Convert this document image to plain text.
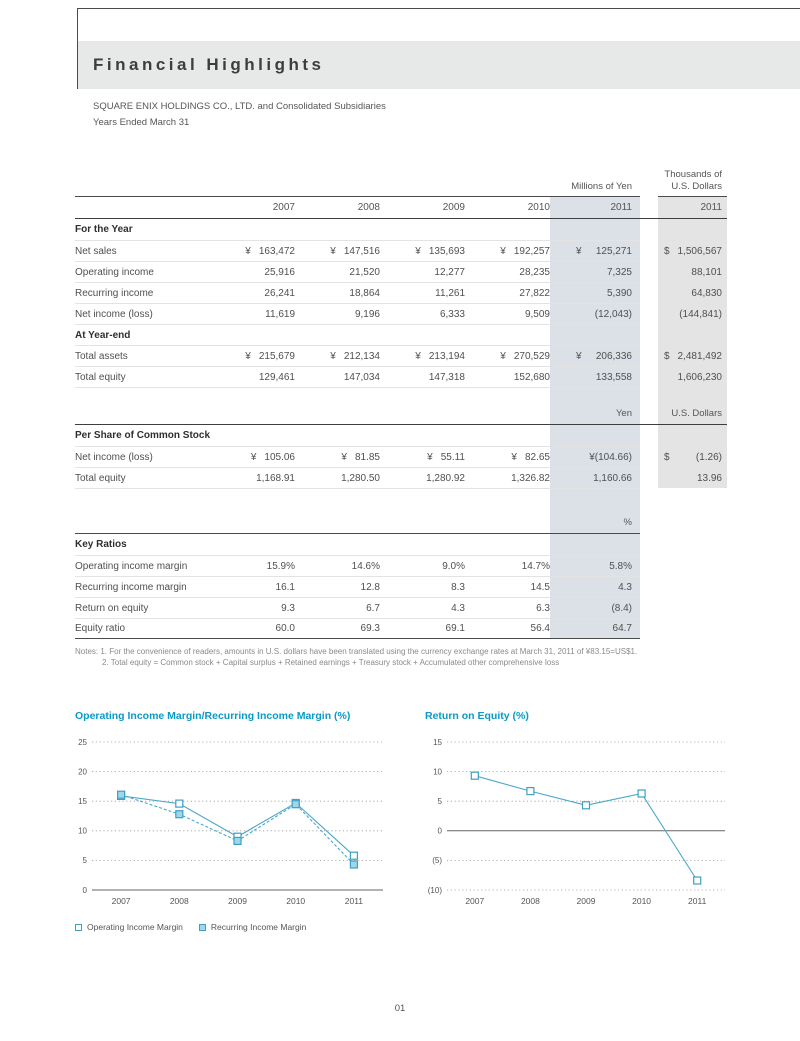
Financial Highlights
SQUARE ENIX HOLDINGS CO., LTD. and Consolidated Subsidiaries
Years Ended March 31
Millions of Yen
Thousands of
U.S. Dollars
2007	2008	2009	2010	2011	2011
For the Year
Net sales	¥ 163,472	¥ 147,516	¥ 135,693	¥ 192,257	¥ 125,271	$ 1,506,567
Operating income	25,916	21,520	12,277	28,235	7,325	88,101
Recurring income	26,241	18,864	11,261	27,822	5,390	64,830
Net income (loss)	11,619	9,196	6,333	9,509	(12,043)	(144,841)
At Year-end
Total assets	¥ 215,679	¥ 212,134	¥ 213,194	¥ 270,529	¥ 206,336	$ 2,481,492
Total equity	129,461	147,034	147,318	152,680	133,558	1,606,230
Yen	U.S. Dollars
Per Share of Common Stock
Net income (loss)	¥ 105.06	¥ 81.85	¥ 55.11	¥ 82.65	¥(104.66)	$	(1.26)
Total equity	1,168.91	1,280.50	1,280.92	1,326.82	1,160.66	13.96
%
Key Ratios
Operating income margin	15.9%	14.6%	9.0%	14.7%	5.8%
Recurring income margin	16.1	12.8	8.3	14.5	4.3
Return on equity	9.3	6.7	4.3	6.3	(8.4)
Equity ratio	60.0	69.3	69.1	56.4	64.7
Notes: 1. For the convenience of readers, amounts in U.S. dollars have been translated using the currency exchange rates at March 31, 2011 of ¥83.15=US$1.
2. Total equity = Common stock + Capital surplus + Retained earnings + Treasury stock + Accumulated other comprehensive loss
Operating Income Margin/Recurring Income Margin (%)
0
5
10
15
20
25
2007	2008	2009	2010	2011
Operating Income Margin	Recurring Income Margin
Return on Equity (%)
(10)
(5)
0
5
10
15
2007	2008	2009	2010	2011
01
